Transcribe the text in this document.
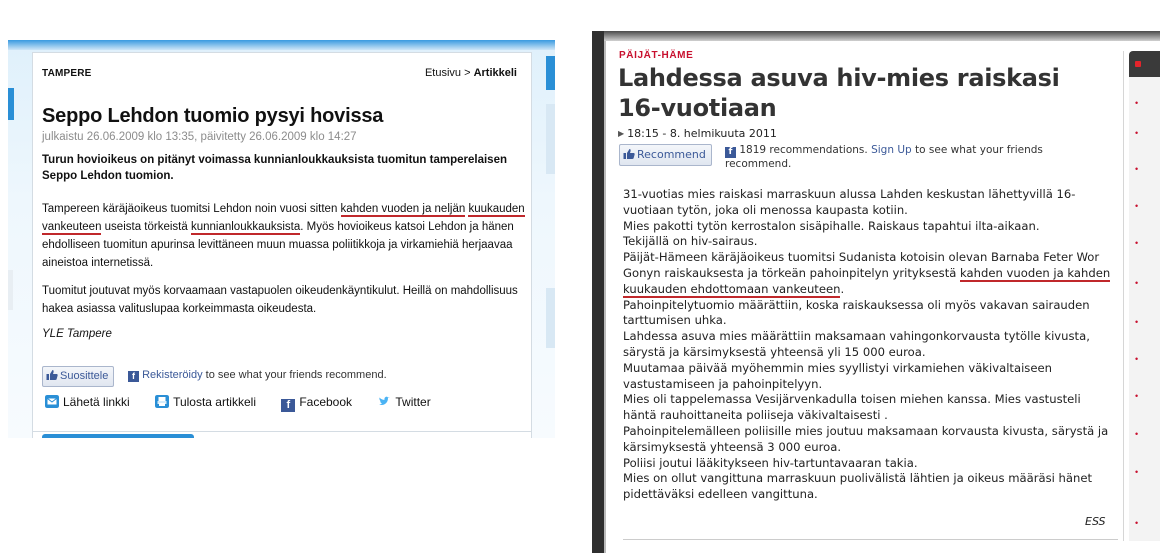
TAMPERE	Etusivu > Artikkeli
Seppo Lehdon tuomio pysyi hovissa
julkaistu 26.06.2009 klo 13:35, päivitetty 26.06.2009 klo 14:27

Turun hovioikeus on pitänyt voimassa kunnianloukkauksista tuomitun tamperelaisen Seppo Lehdon tuomion.

Tampereen käräjäoikeus tuomitsi Lehdon noin vuosi sitten kahden vuoden ja neljän kuukauden vankeuteen useista törkeistä kunnianloukkauksista. Myös hovioikeus katsoi Lehdon ja hänen ehdolliseen tuomitun apurinsa levittäneen muun muassa poliitikkoja ja virkamiehiä herjaavaa aineistoa internetissä.

Tuomitut joutuvat myös korvaamaan vastapuolen oikeudenkäyntikulut. Heillä on mahdollisuus hakea asiassa valituslupaa korkeimmasta oikeudesta.

YLE Tampere
Suosittele	f Rekisteröidy to see what your friends recommend.
Lähetä linkki	Tulosta artikkeli	f Facebook	Twitter
•
•
•
•
•
•
•
•
•
•
•
•
PÄIJÄT-HÄME
Lahdessa asuva hiv-mies raiskasi 16-vuotiaan
▶ 18:15 - 8. helmikuuta 2011
Recommend	f 1819 recommendations. Sign Up to see what your friends recommend.

31-vuotias mies raiskasi marraskuun alussa Lahden keskustan lähettyvillä 16-vuotiaan tytön, joka oli menossa kaupasta kotiin.

Mies pakotti tytön kerrostalon sisäpihalle. Raiskaus tapahtui ilta-aikaan.

Tekijällä on hiv-sairaus.

Päijät-Hämeen käräjäoikeus tuomitsi Sudanista kotoisin olevan Barnaba Feter Wor Gonyn raiskauksesta ja törkeän pahoinpitelyn yrityksestä kahden vuoden ja kahden kuukauden ehdottomaan vankeuteen.

Pahoinpitelytuomio määrättiin, koska raiskauksessa oli myös vakavan sairauden tarttumisen uhka.

Lahdessa asuva mies määrättiin maksamaan vahingonkorvausta tytölle kivusta, särystä ja kärsimyksestä yhteensä yli 15 000 euroa.

Muutamaa päivää myöhemmin mies syyllistyi virkamiehen väkivaltaiseen vastustamiseen ja pahoinpitelyyn.

Mies oli tappelemassa Vesijärvenkadulla toisen miehen kanssa. Mies vastusteli häntä rauhoittaneita poliiseja väkivaltaisesti .

Pahoinpitelemälleen poliisille mies joutuu maksamaan korvausta kivusta, särystä ja kärsimyksestä yhteensä 3 000 euroa.

Poliisi joutui lääkitykseen hiv-tartuntavaaran takia.

Mies on ollut vangittuna marraskuun puolivälistä lähtien ja oikeus määräsi hänet pidettäväksi edelleen vangittuna.

ESS
